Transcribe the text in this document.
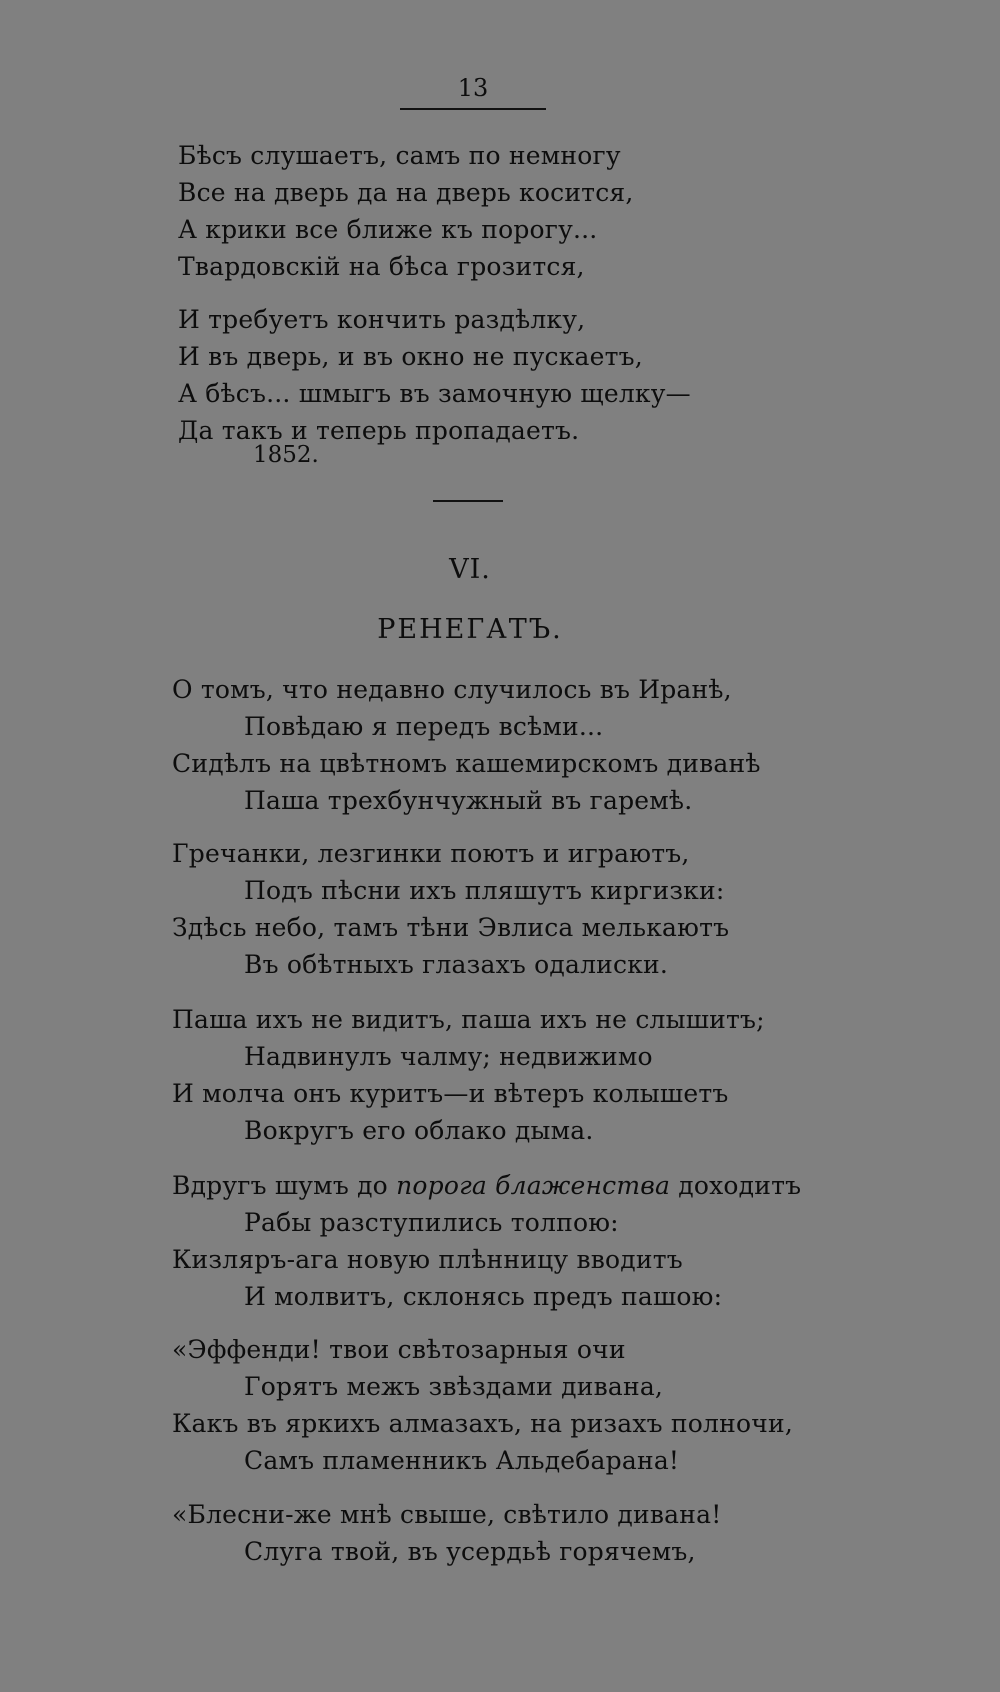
13
Бѣсъ слушаетъ, самъ по немногу
Все на дверь да на дверь косится,
А крики все ближе къ порогу...
Твардовскій на бѣса грозится,
И требуетъ кончить раздѣлку,
И въ дверь, и въ окно не пускаетъ,
А бѣсъ... шмыгъ въ замочную щелку—
Да такъ и теперь пропадаетъ.
1852.
VI.
РЕНЕГАТЪ.
О томъ, что недавно случилось въ Иранѣ,
Повѣдаю я передъ всѣми...
Сидѣлъ на цвѣтномъ кашемирскомъ диванѣ
Паша трехбунчужный въ гаремѣ.
Гречанки, лезгинки поютъ и играютъ,
Подъ пѣсни ихъ пляшутъ киргизки:
Здѣсь небо, тамъ тѣни Эвлиса мелькаютъ
Въ обѣтныхъ глазахъ одалиски.
Паша ихъ не видитъ, паша ихъ не слышитъ;
Надвинулъ чалму; недвижимо
И молча онъ куритъ—и вѣтеръ колышетъ
Вокругъ его облако дыма.
Вдругъ шумъ до порога блаженства доходитъ
Рабы разступились толпою:
Кизляръ-ага новую плѣнницу вводитъ
И молвитъ, склонясь предъ пашою:
«Эффенди! твои свѣтозарныя очи
Горятъ межъ звѣздами дивана,
Какъ въ яркихъ алмазахъ, на ризахъ полночи,
Самъ пламенникъ Альдебарана!
«Блесни-же мнѣ свыше, свѣтило дивана!
Слуга твой, въ усердьѣ горячемъ,
